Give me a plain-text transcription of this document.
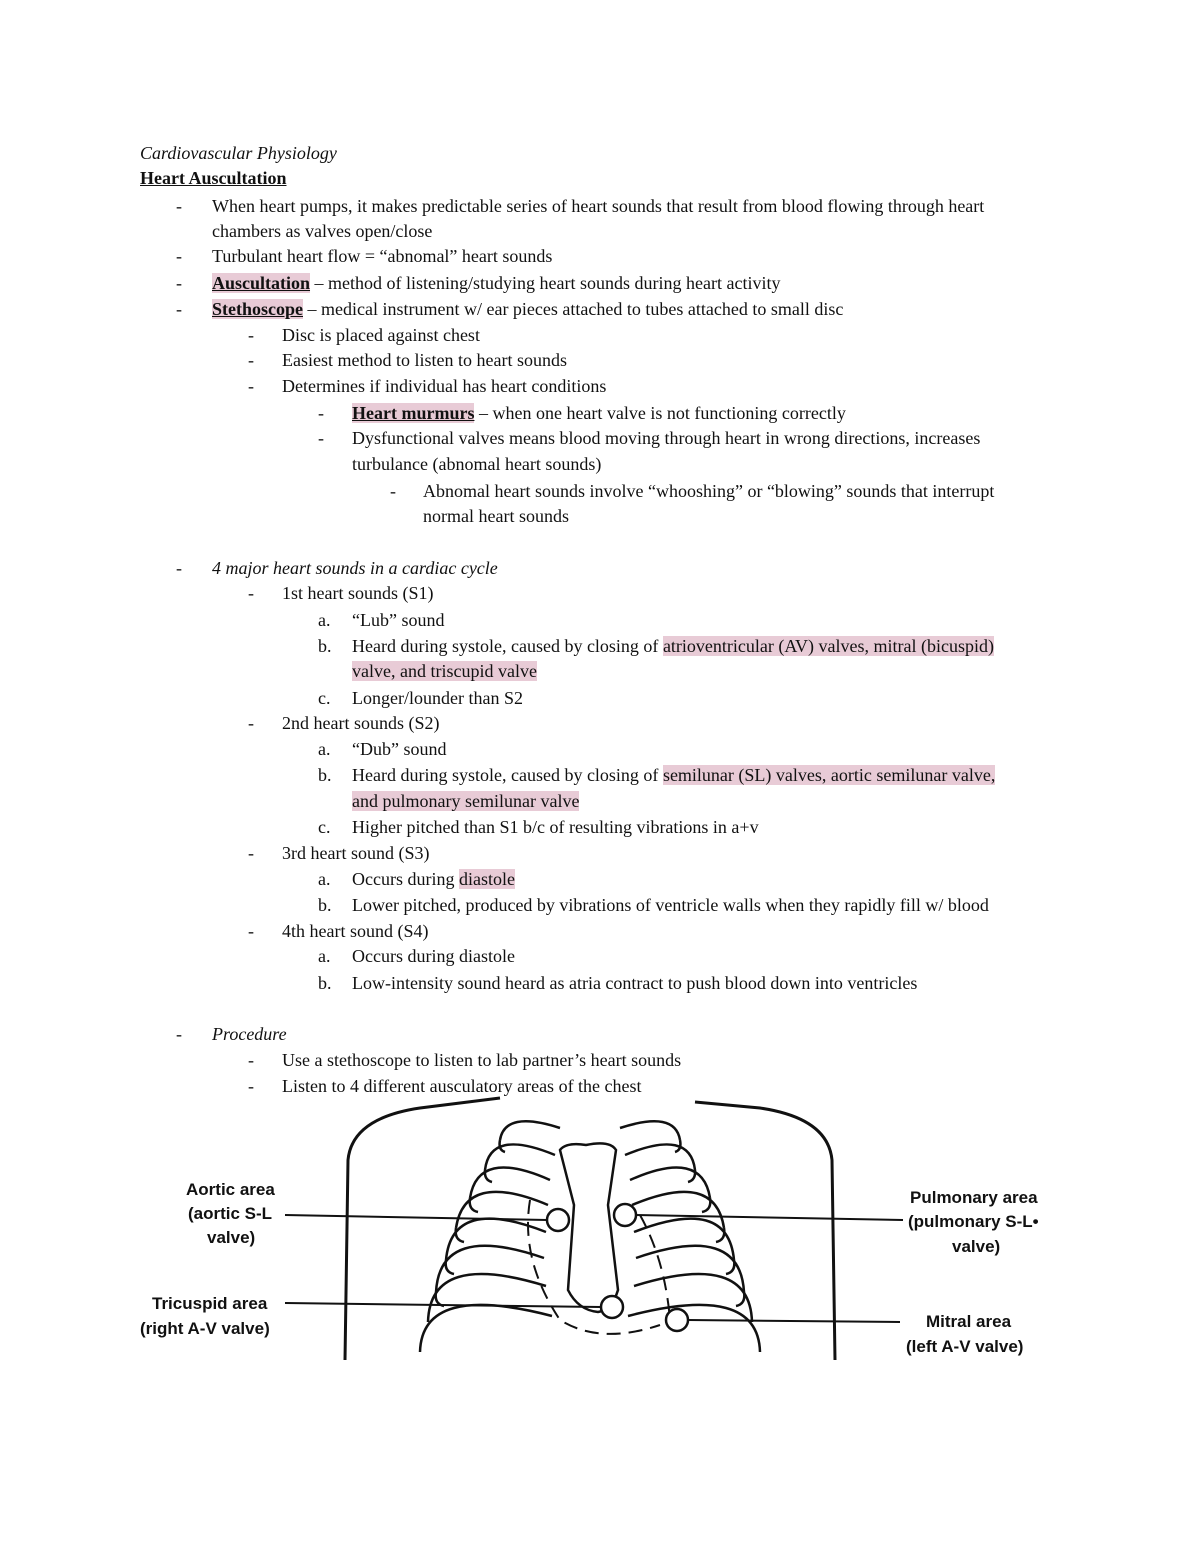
Cardiovascular Physiology
Heart Auscultation
- When heart pumps, it makes predictable series of heart sounds that result from blood flowing through heart
chambers as valves open/close
- Turbulant heart flow = “abnomal” heart sounds
- Auscultation – method of listening/studying heart sounds during heart activity
- Stethoscope – medical instrument w/ ear pieces attached to tubes attached to small disc
- Disc is placed against chest
- Easiest method to listen to heart sounds
- Determines if individual has heart conditions
- Heart murmurs – when one heart valve is not functioning correctly
- Dysfunctional valves means blood moving through heart in wrong directions, increases
turbulance (abnomal heart sounds)
- Abnomal heart sounds involve “whooshing” or “blowing” sounds that interrupt
normal heart sounds
- 4 major heart sounds in a cardiac cycle
- 1st heart sounds (S1)
a. “Lub” sound
b. Heard during systole, caused by closing of atrioventricular (AV) valves, mitral (bicuspid)
valve, and triscupid valve
c. Longer/lounder than S2
- 2nd heart sounds (S2)
a. “Dub” sound
b. Heard during systole, caused by closing of semilunar (SL) valves, aortic semilunar valve,
and pulmonary semilunar valve
c. Higher pitched than S1 b/c of resulting vibrations in a+v
- 3rd heart sound (S3)
a. Occurs during diastole
b. Lower pitched, produced by vibrations of ventricle walls when they rapidly fill w/ blood
- 4th heart sound (S4)
a. Occurs during diastole
b. Low-intensity sound heard as atria contract to push blood down into ventricles
- Procedure
- Use a stethoscope to listen to lab partner’s heart sounds
- Listen to 4 different ausculatory areas of the chest
Aortic area
(aortic S-L
valve)
Tricuspid area
(right A-V valve)
Pulmonary area
(pulmonary S-L•
valve)
Mitral area
(left A-V valve)
